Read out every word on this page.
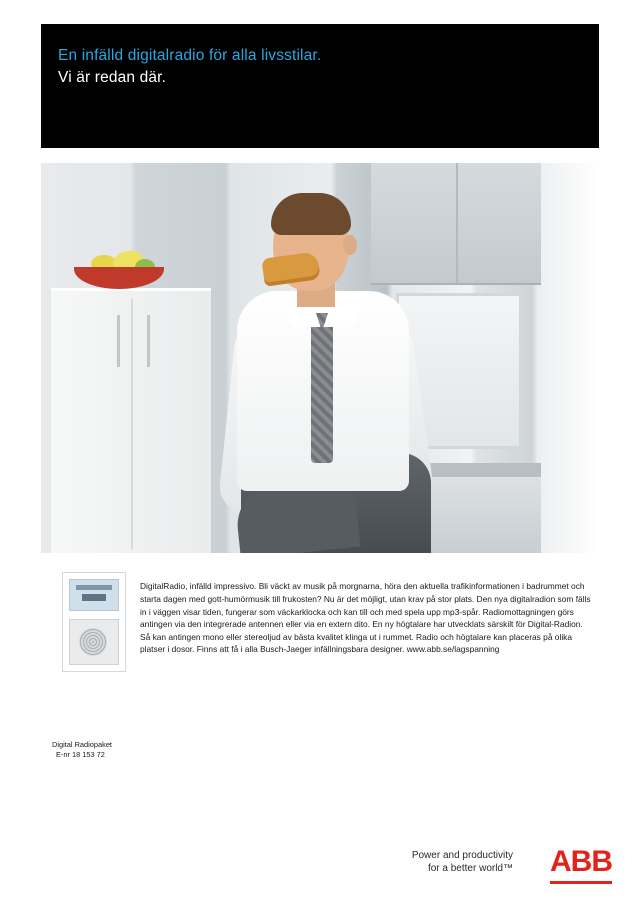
En infälld digitalradio för alla livsstilar.
Vi är redan där.

DigitalRadio, infälld impressivo. Bli väckt av musik på morgnarna, höra den aktuella trafikinformationen i badrummet och starta dagen med gott-humörmusik till frukosten? Nu är det möjligt, utan krav på stor plats. Den nya digitalradion som fälls in i väggen visar tiden, fungerar som väckarklocka och kan till och med spela upp mp3-spår. Radiomottagningen görs antingen via den integrerade antennen eller via en extern dito. En ny högtalare har utvecklats särskilt för Digital-Radion. Så kan antingen mono eller stereoljud av bästa kvalitet klinga ut i rummet. Radio och högtalare kan placeras på olika platser i dosor. Finns att få i alla Busch-Jaeger infällningsbara designer. www.abb.se/lagspanning

Digital Radiopaket
E-nr 18 153 72
Power and productivity
for a better world™ ABB
